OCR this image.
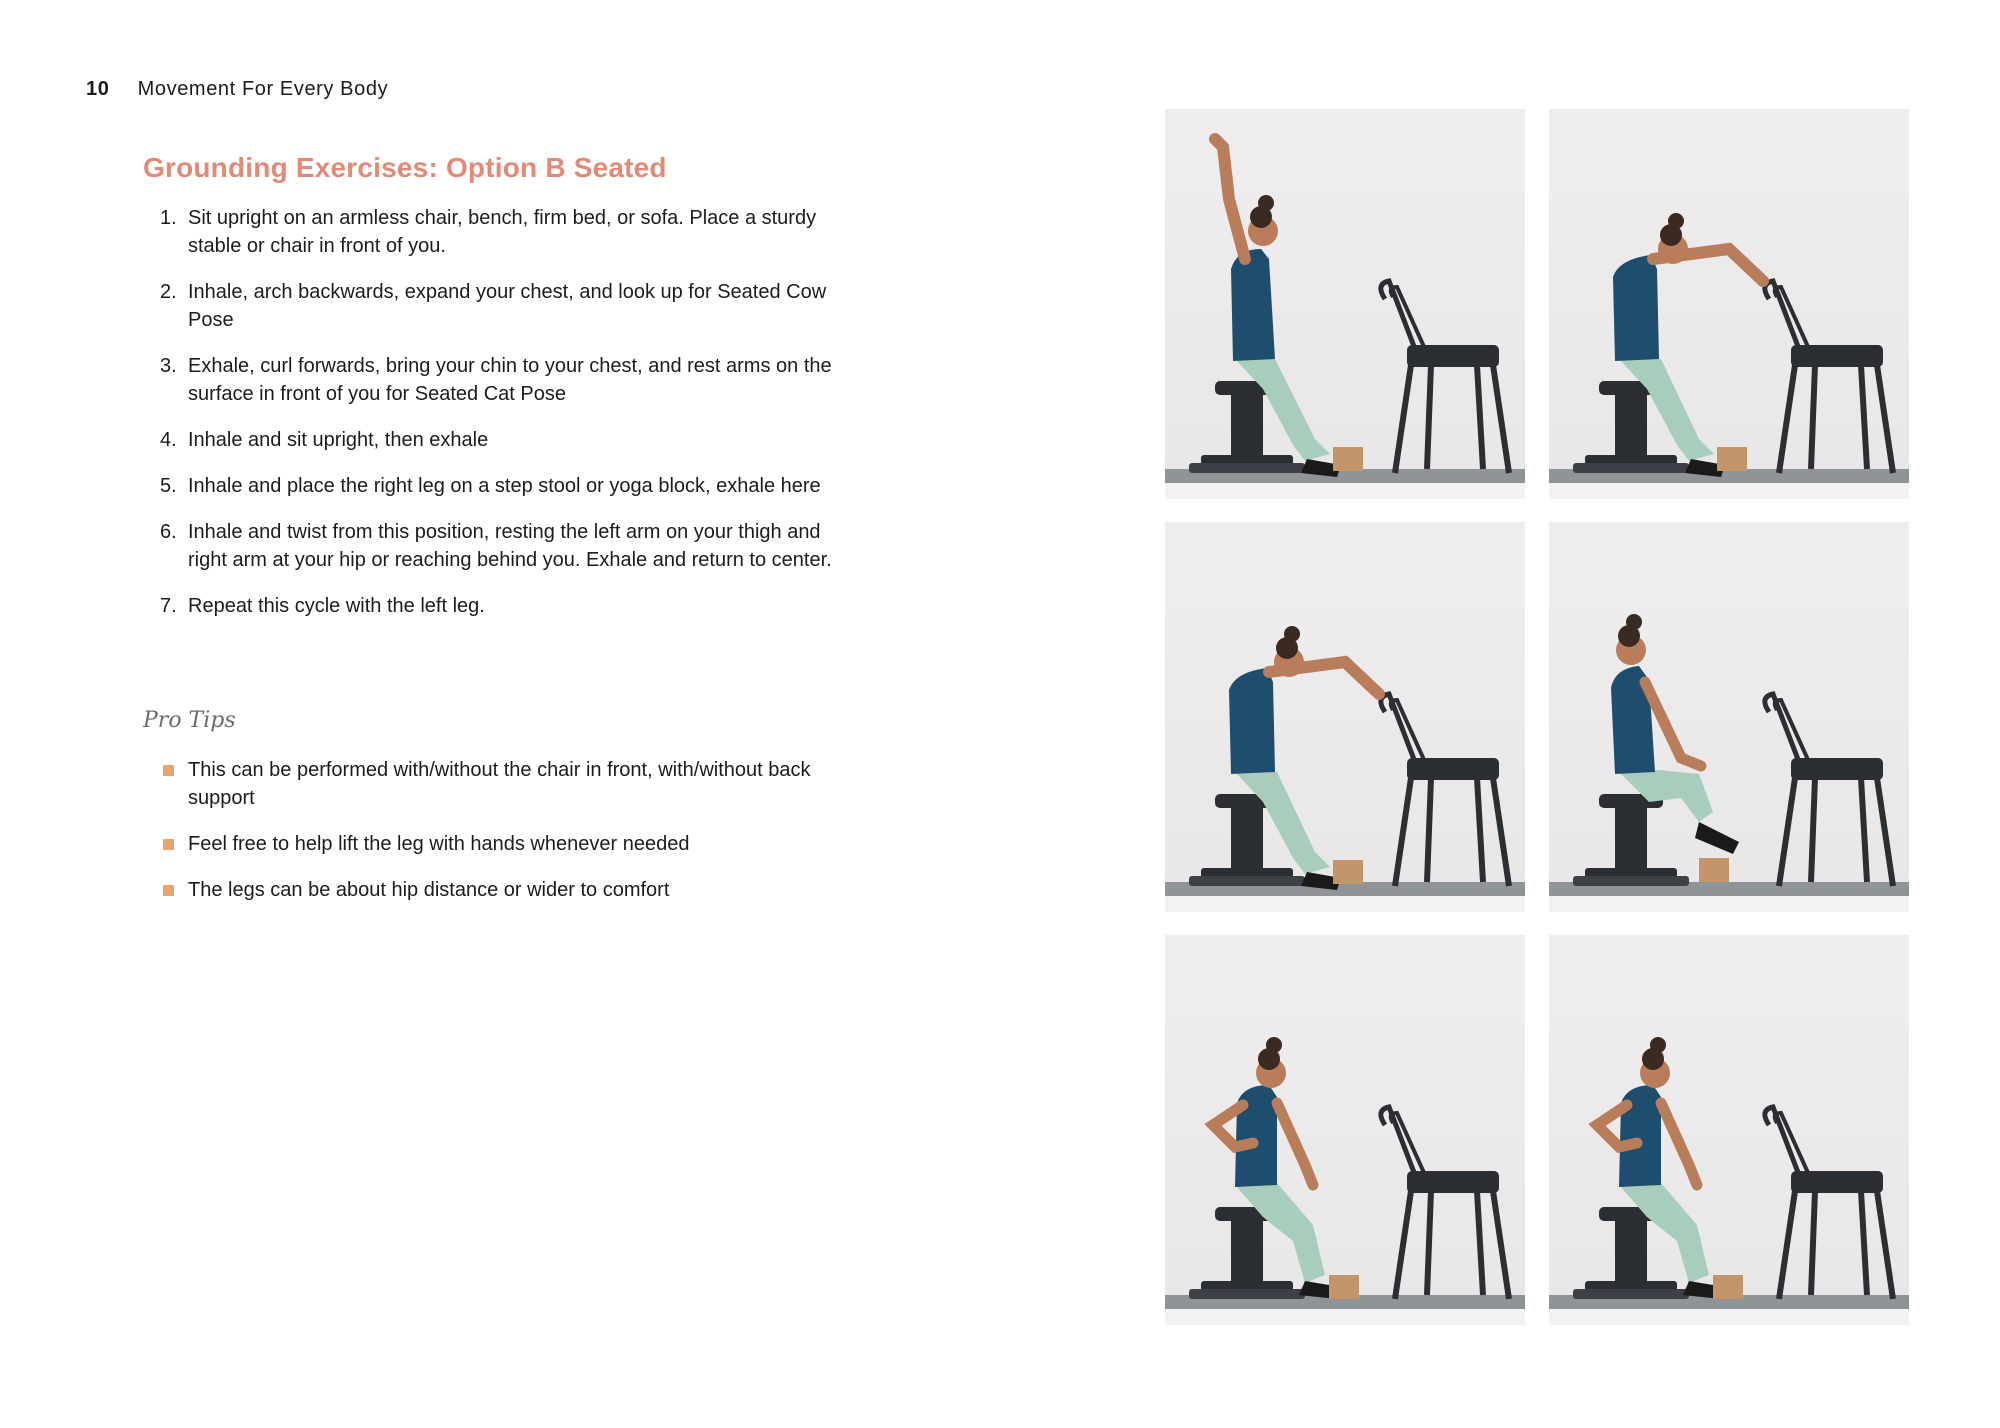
10 Movement For Every Body
Grounding Exercises: Option B Seated
1. Sit upright on an armless chair, bench, firm bed, or sofa. Place a sturdy stable or chair in front of you.
2. Inhale, arch backwards, expand your chest, and look up for Seated Cow Pose
3. Exhale, curl forwards, bring your chin to your chest, and rest arms on the surface in front of you for Seated Cat Pose
4. Inhale and sit upright, then exhale
5. Inhale and place the right leg on a step stool or yoga block, exhale here
6. Inhale and twist from this position, resting the left arm on your thigh and right arm at your hip or reaching behind you. Exhale and return to center.
7. Repeat this cycle with the left leg.
Pro Tips
This can be performed with/without the chair in front, with/without back support
Feel free to help lift the leg with hands whenever needed
The legs can be about hip distance or wider to comfort
